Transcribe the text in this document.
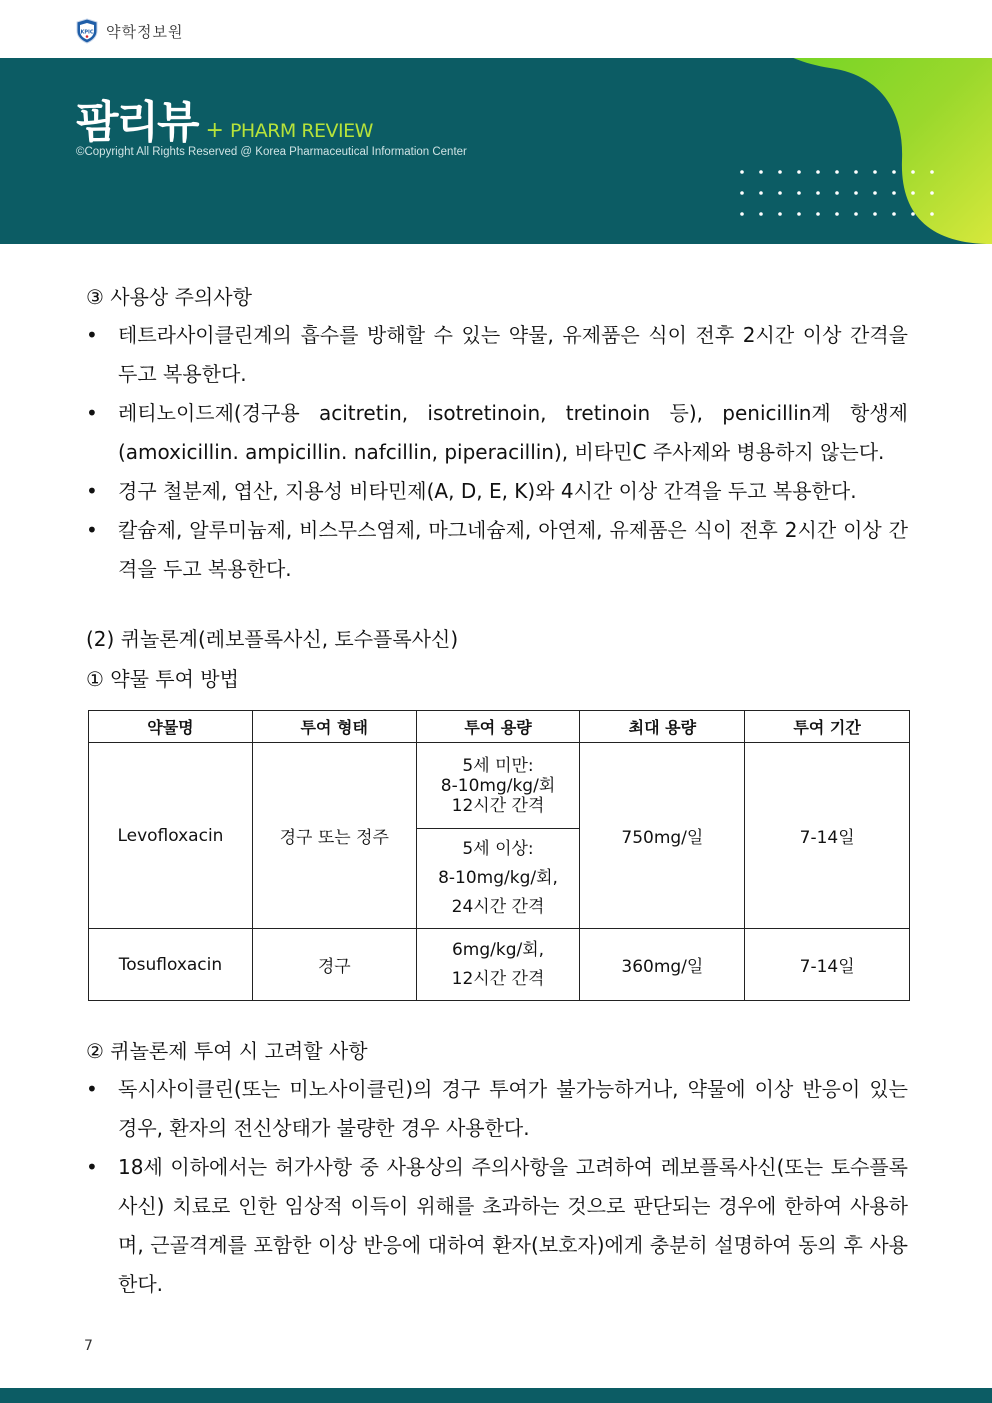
KPIC 약학정보원
팜리뷰 + PHARM REVIEW
©Copyright All Rights Reserved @ Korea Pharmaceutical Information Center
③ 사용상 주의사항
• 테트라사이클린계의 흡수를 방해할 수 있는 약물, 유제품은 식이 전후 2시간 이상 간격을 두고 복용한다.
• 레티노이드제(경구용 acitretin, isotretinoin, tretinoin 등), penicillin계 항생제 (amoxicillin. ampicillin. nafcillin, piperacillin), 비타민C 주사제와 병용하지 않는다.
• 경구 철분제, 엽산, 지용성 비타민제(A, D, E, K)와 4시간 이상 간격을 두고 복용한다.
• 칼슘제, 알루미늄제, 비스무스염제, 마그네슘제, 아연제, 유제품은 식이 전후 2시간 이상 간격을 두고 복용한다.
(2) 퀴놀론계(레보플록사신, 토수플록사신)
① 약물 투여 방법
약물명	투여 형태	투여 용량	최대 용량	투여 기간
Levofloxacin	경구 또는 정주	5세 미만:
8-10mg/kg/회
12시간 간격	750mg/일	7-14일

		5세 이상:
8-10mg/kg/회,
24시간 간격		

Tosufloxacin	경구	6mg/kg/회,
12시간 간격	360mg/일	7-14일
② 퀴놀론제 투여 시 고려할 사항
• 독시사이클린(또는 미노사이클린)의 경구 투여가 불가능하거나, 약물에 이상 반응이 있는 경우, 환자의 전신상태가 불량한 경우 사용한다.
• 18세 이하에서는 허가사항 중 사용상의 주의사항을 고려하여 레보플록사신(또는 토수플록사신) 치료로 인한 임상적 이득이 위해를 초과하는 것으로 판단되는 경우에 한하여 사용하며, 근골격계를 포함한 이상 반응에 대하여 환자(보호자)에게 충분히 설명하여 동의 후 사용한다.
7
